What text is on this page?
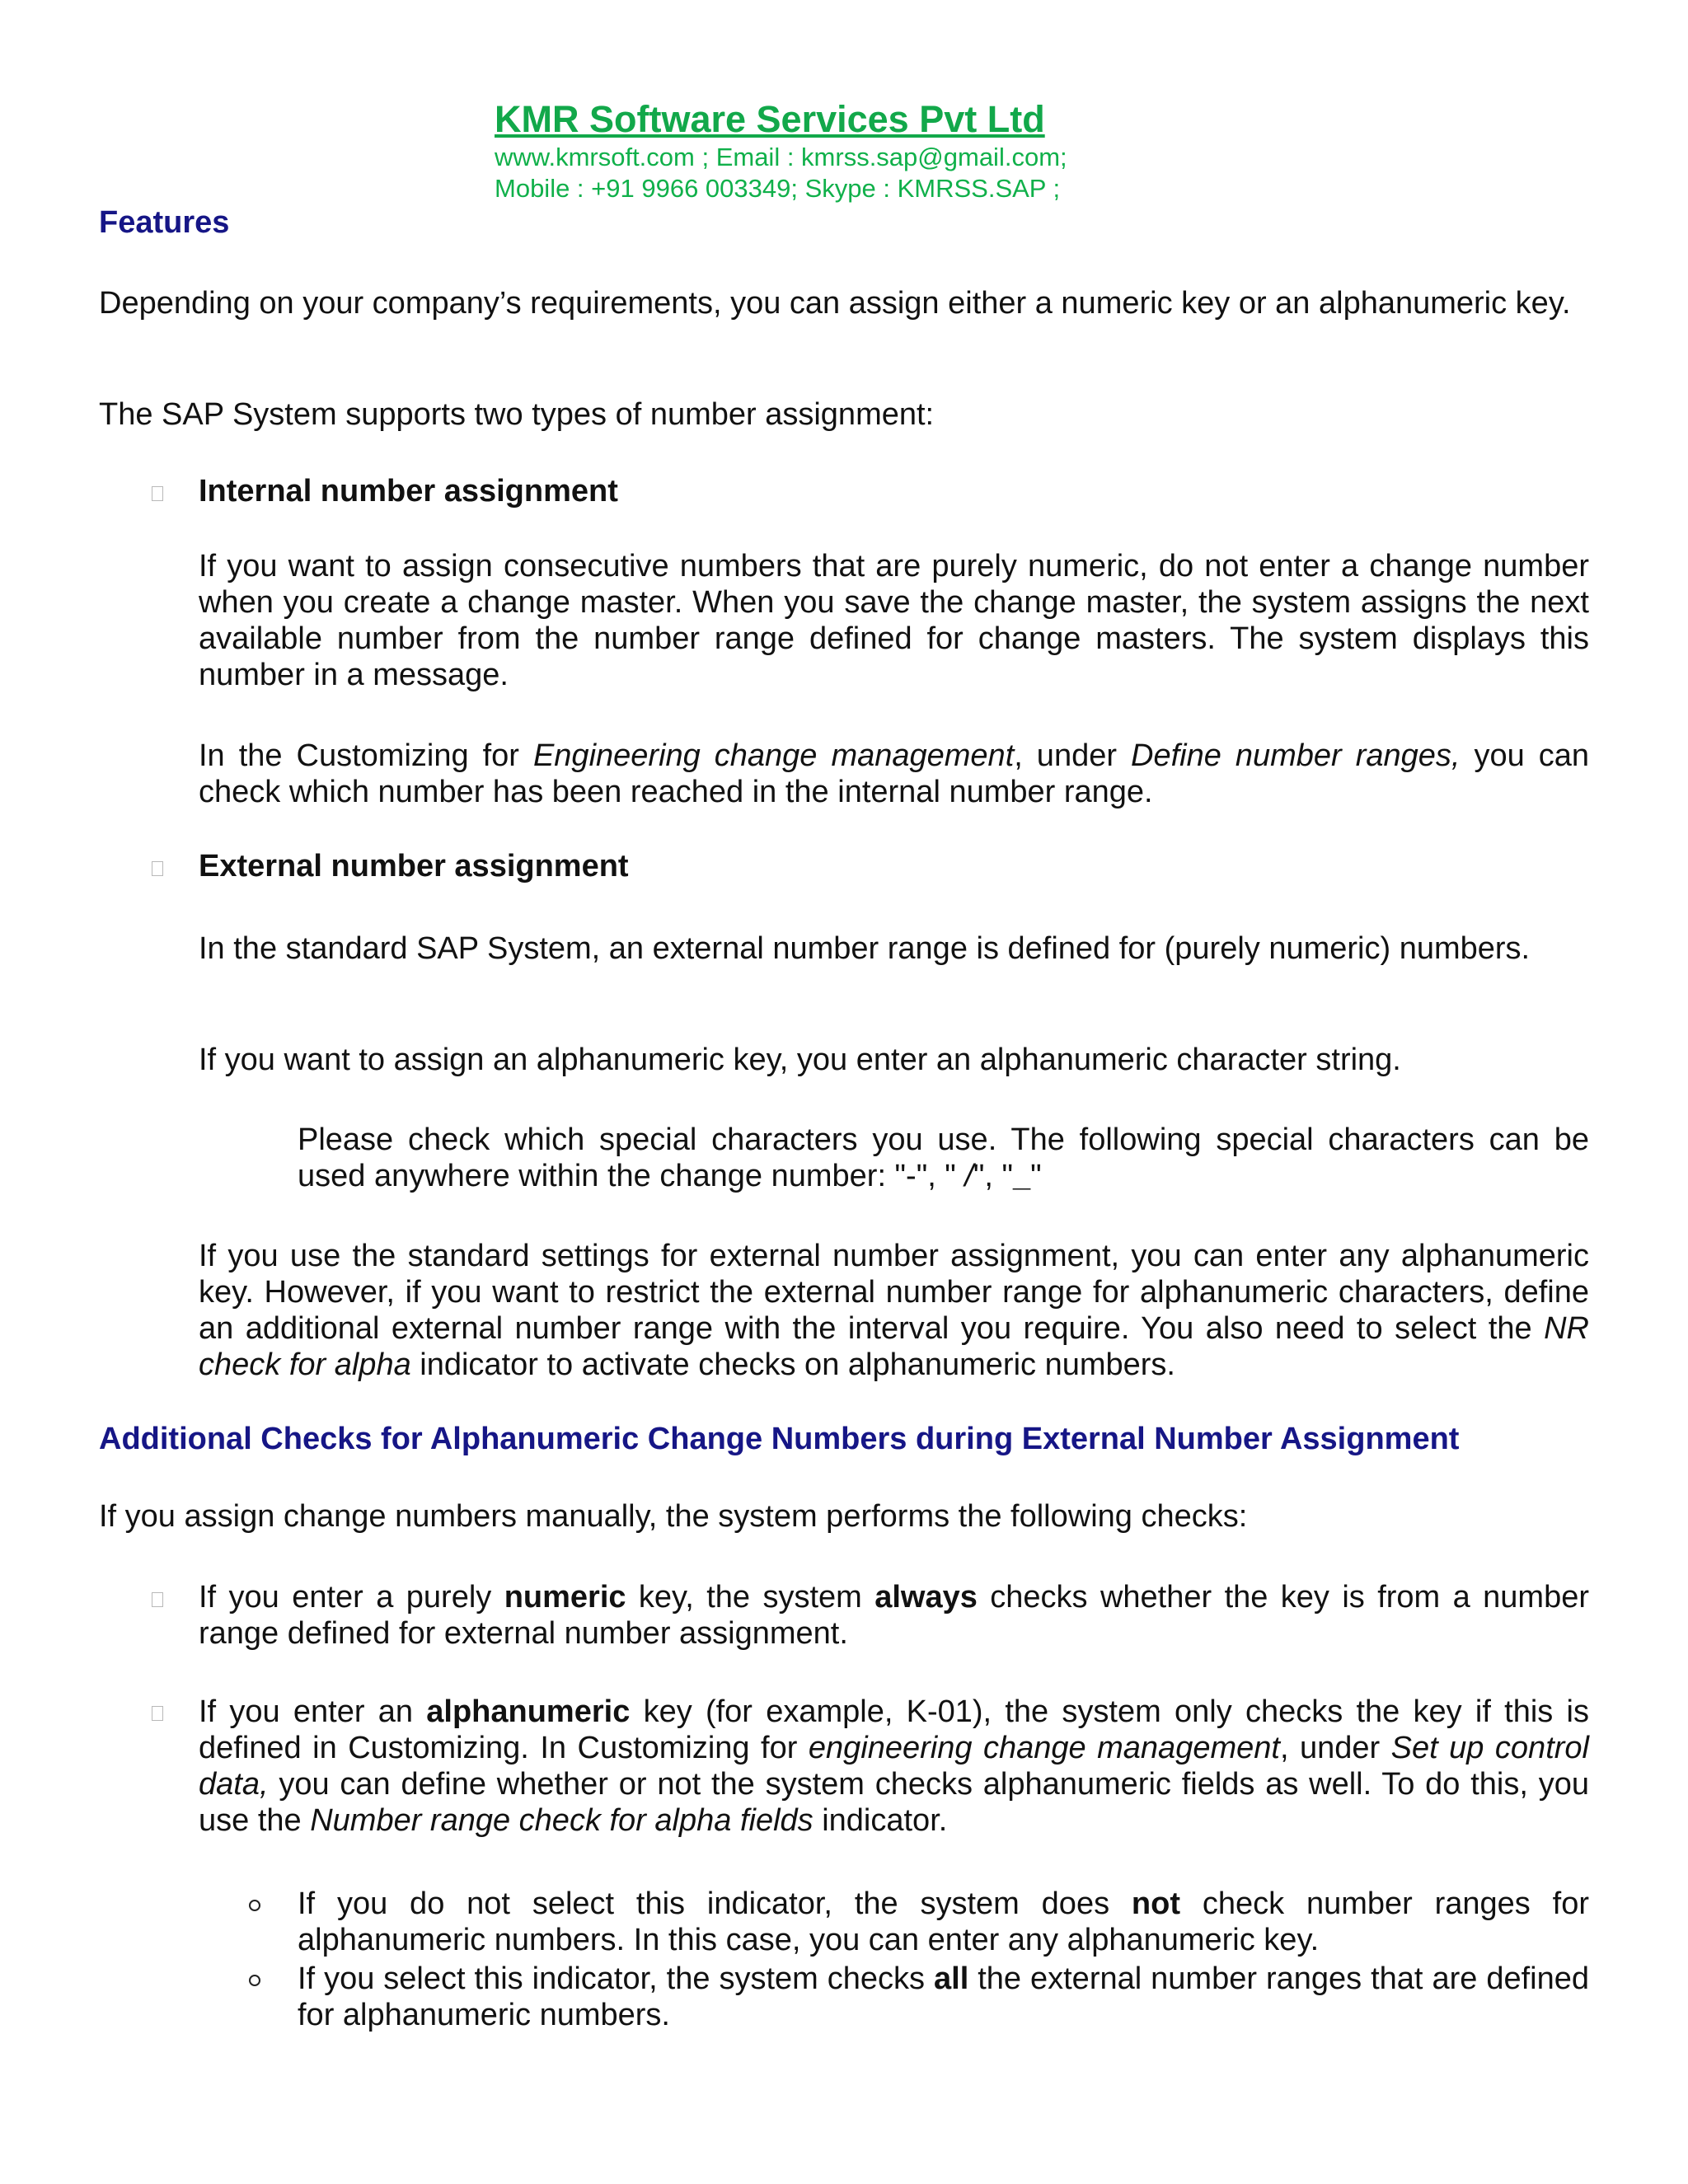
KMR Software Services Pvt Ltd
www.kmrsoft.com ; Email : kmrss.sap@gmail.com;
Mobile : +91 9966 003349; Skype : KMRSS.SAP ;
Features

Depending on your company’s requirements, you can assign either a numeric key or an alphanumeric key.

The SAP System supports two types of number assignment:

Internal number assignment

If you want to assign consecutive numbers that are purely numeric, do not enter a change number when you create a change master. When you save the change master, the system assigns the next available number from the number range defined for change masters. The system displays this number in a message.

In the Customizing for Engineering change management, under Define number ranges, you can check which number has been reached in the internal number range.

External number assignment

In the standard SAP System, an external number range is defined for (purely numeric) numbers.

If you want to assign an alphanumeric key, you enter an alphanumeric character string.

Please check which special characters you use. The following special characters can be used anywhere within the change number: "-", " /", "_"

If you use the standard settings for external number assignment, you can enter any alphanumeric key. However, if you want to restrict the external number range for alphanumeric characters, define an additional external number range with the interval you require. You also need to select the NR check for alpha indicator to activate checks on alphanumeric numbers.

Additional Checks for Alphanumeric Change Numbers during External Number Assignment

If you assign change numbers manually, the system performs the following checks:

If you enter a purely numeric key, the system always checks whether the key is from a number range defined for external number assignment.

If you enter an alphanumeric key (for example, K-01), the system only checks the key if this is defined in Customizing. In Customizing for engineering change management, under Set up control data, you can define whether or not the system checks alphanumeric fields as well. To do this, you use the Number range check for alpha fields indicator.

If you do not select this indicator, the system does not check number ranges for alphanumeric numbers. In this case, you can enter any alphanumeric key.

If you select this indicator, the system checks all the external number ranges that are defined for alphanumeric numbers.
